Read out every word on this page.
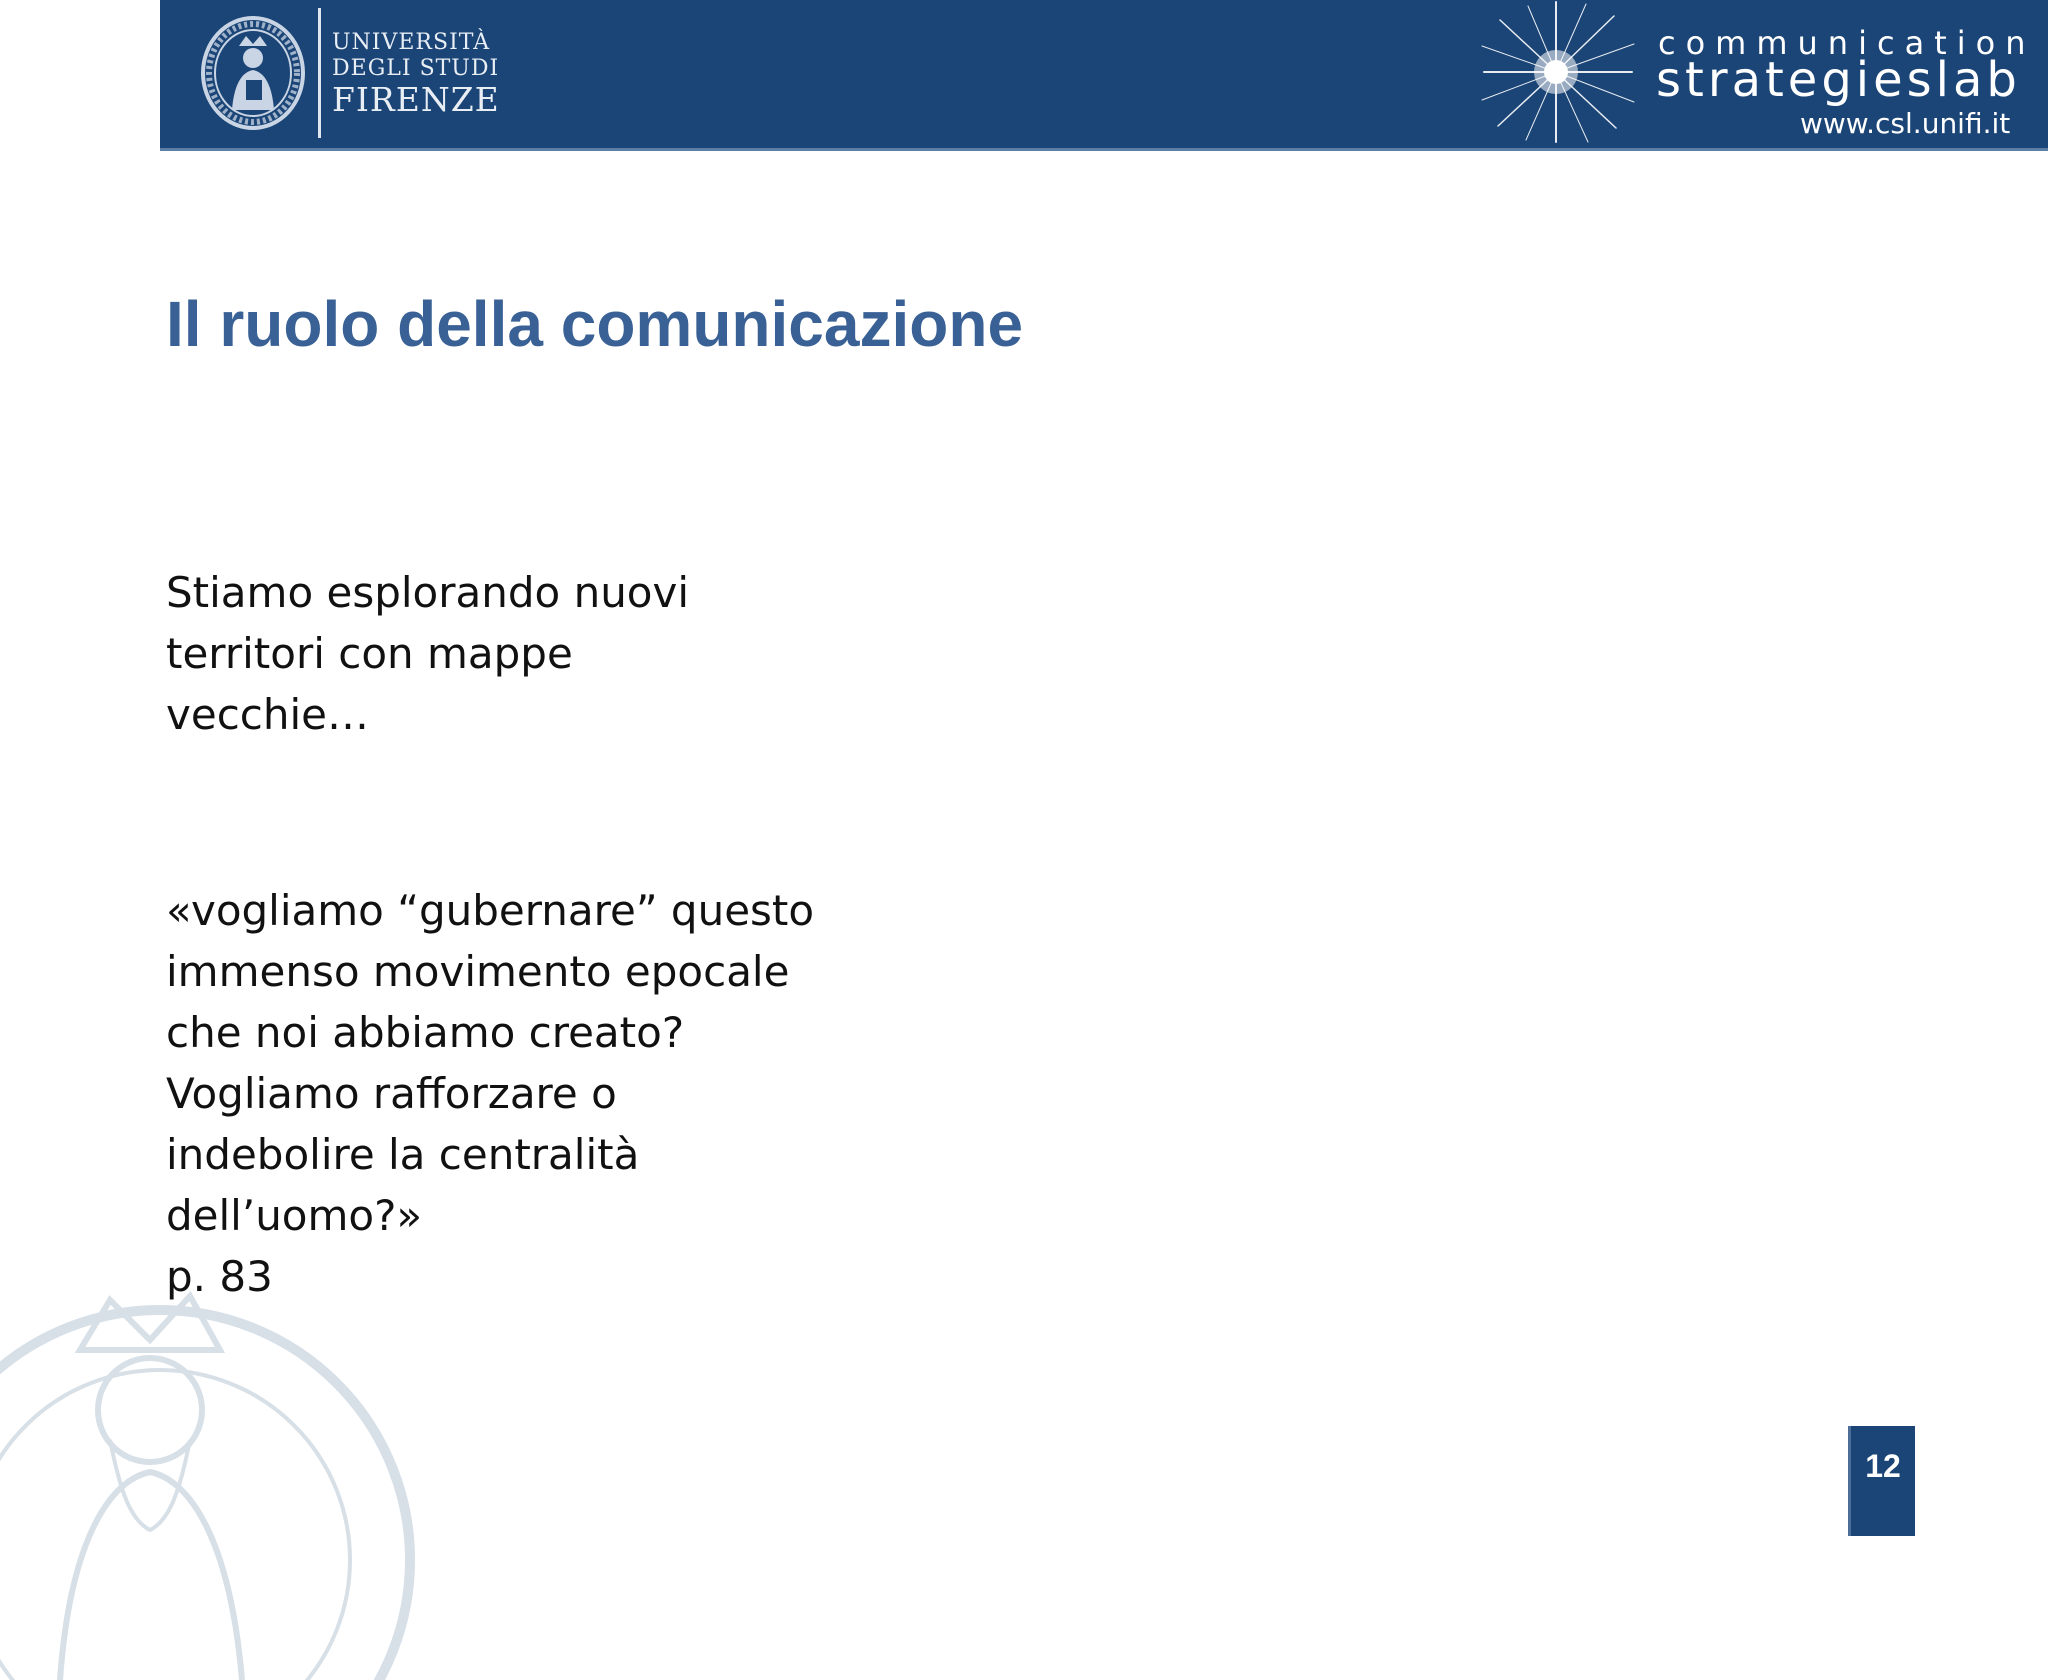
UNIVERSITÀ
DEGLI STUDI
FIRENZE
communication
strategieslab
www.csl.unifi.it
Il ruolo della comunicazione
Stiamo esplorando nuovi
territori con mappe
vecchie…
«vogliamo “gubernare” questo
immenso movimento epocale
che noi abbiamo creato?
Vogliamo rafforzare o
indebolire la centralità
dell’uomo?»
p. 83
12
